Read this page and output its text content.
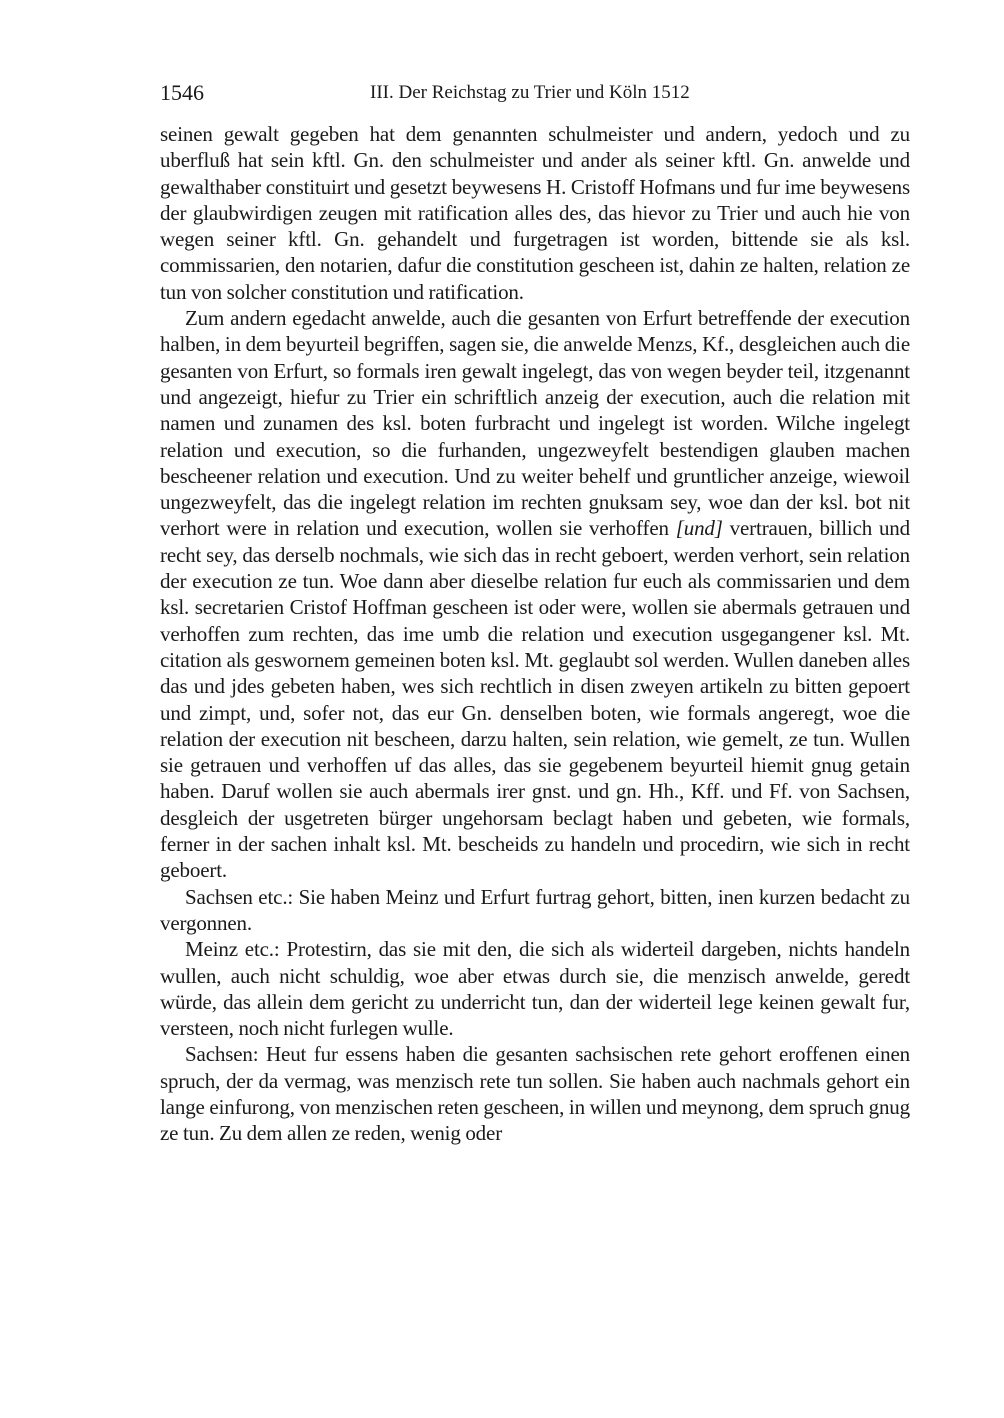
1546	III. Der Reichstag zu Trier und Köln 1512

seinen gewalt gegeben hat dem genannten schulmeister und andern, yedoch und zu uberfluß hat sein kftl. Gn. den schulmeister und ander als seiner kftl. Gn. anwelde und gewalthaber constituirt und gesetzt beywesens H. Cristoff Hofmans und fur ime beywesens der glaubwirdigen zeugen mit ratification alles des, das hievor zu Trier und auch hie von wegen seiner kftl. Gn. gehandelt und furgetragen ist worden, bittende sie als ksl. commissarien, den notarien, dafur die constitution gescheen ist, dahin ze halten, relation ze tun von solcher constitution und ratification.

Zum andern egedacht anwelde, auch die gesanten von Erfurt betreffende der execution halben, in dem beyurteil begriffen, sagen sie, die anwelde Menzs, Kf., desgleichen auch die gesanten von Erfurt, so formals iren gewalt ingelegt, das von wegen beyder teil, itzgenannt und angezeigt, hiefur zu Trier ein schriftlich anzeig der execution, auch die relation mit namen und zunamen des ksl. boten furbracht und ingelegt ist worden. Wilche ingelegt relation und execution, so die furhanden, ungezweyfelt bestendigen glauben machen bescheener relation und execution. Und zu weiter behelf und gruntlicher anzeige, wiewoil ungezweyfelt, das die ingelegt relation im rechten gnuksam sey, woe dan der ksl. bot nit verhort were in relation und execution, wollen sie verhoffen [und] vertrauen, billich und recht sey, das derselb nochmals, wie sich das in recht geboert, werden verhort, sein relation der execution ze tun. Woe dann aber dieselbe relation fur euch als commissarien und dem ksl. secretarien Cristof Hoffman gescheen ist oder were, wollen sie abermals getrauen und verhoffen zum rechten, das ime umb die relation und execution usgegangener ksl. Mt. citation als geswornem gemeinen boten ksl. Mt. geglaubt sol werden. Wullen daneben alles das und jdes gebeten haben, wes sich rechtlich in disen zweyen artikeln zu bitten gepoert und zimpt, und, sofer not, das eur Gn. denselben boten, wie formals angeregt, woe die relation der execution nit bescheen, darzu halten, sein relation, wie gemelt, ze tun. Wullen sie getrauen und verhoffen uf das alles, das sie gegebenem beyurteil hiemit gnug getain haben. Daruf wollen sie auch abermals irer gnst. und gn. Hh., Kff. und Ff. von Sachsen, desgleich der usgetreten bürger ungehorsam beclagt haben und gebeten, wie formals, ferner in der sachen inhalt ksl. Mt. bescheids zu handeln und procedirn, wie sich in recht geboert.

Sachsen etc.: Sie haben Meinz und Erfurt furtrag gehort, bitten, inen kurzen bedacht zu vergonnen.

Meinz etc.: Protestirn, das sie mit den, die sich als widerteil dargeben, nichts handeln wullen, auch nicht schuldig, woe aber etwas durch sie, die menzisch anwelde, geredt würde, das allein dem gericht zu underricht tun, dan der widerteil lege keinen gewalt fur, versteen, noch nicht furlegen wulle.

Sachsen: Heut fur essens haben die gesanten sachsischen rete gehort eroffenen einen spruch, der da vermag, was menzisch rete tun sollen. Sie haben auch nachmals gehort ein lange einfurong, von menzischen reten gescheen, in willen und meynong, dem spruch gnug ze tun. Zu dem allen ze reden, wenig oder
